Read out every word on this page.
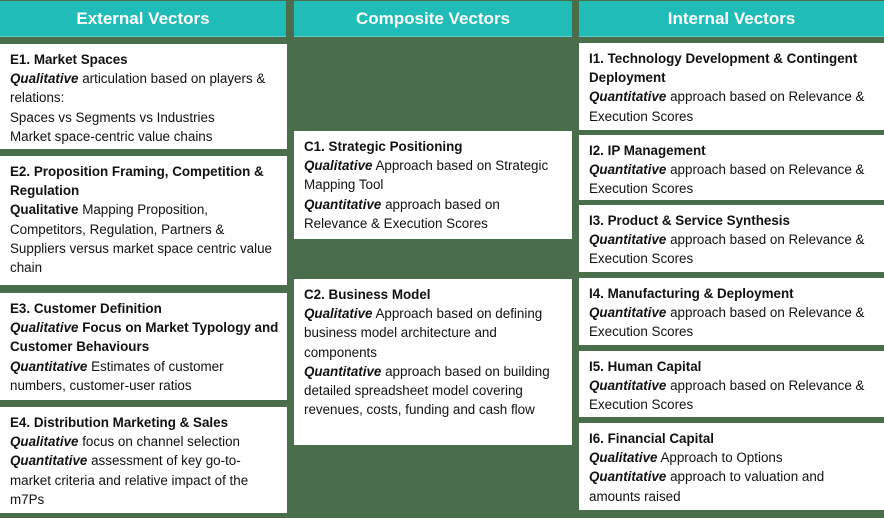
External Vectors	Composite Vectors	Internal Vectors
E1. Market Spaces
Qualitative articulation based on players & relations:
Spaces vs Segments vs Industries
Market space-centric value chains
E2. Proposition Framing, Competition & Regulation
Qualitative Mapping Proposition, Competitors, Regulation, Partners & Suppliers versus market space centric value chain
E3. Customer Definition
Qualitative Focus on Market Typology and Customer Behaviours
Quantitative Estimates of customer numbers, customer-user ratios
E4. Distribution Marketing & Sales
Qualitative focus on channel selection
Quantitative assessment of key go-to-market criteria and relative impact of the m7Ps
C1. Strategic Positioning
Qualitative Approach based on Strategic Mapping Tool
Quantitative approach based on Relevance & Execution Scores
C2. Business Model
Qualitative Approach based on defining business model architecture and components
Quantitative approach based on building detailed spreadsheet model covering revenues, costs, funding and cash flow
I1. Technology Development & Contingent Deployment
Quantitative approach based on Relevance & Execution Scores
I2. IP Management
Quantitative approach based on Relevance & Execution Scores
I3. Product & Service Synthesis
Quantitative approach based on Relevance & Execution Scores
I4. Manufacturing & Deployment
Quantitative approach based on Relevance & Execution Scores
I5. Human Capital
Quantitative approach based on Relevance & Execution Scores
I6. Financial Capital
Qualitative Approach to Options
Quantitative approach to valuation and amounts raised
